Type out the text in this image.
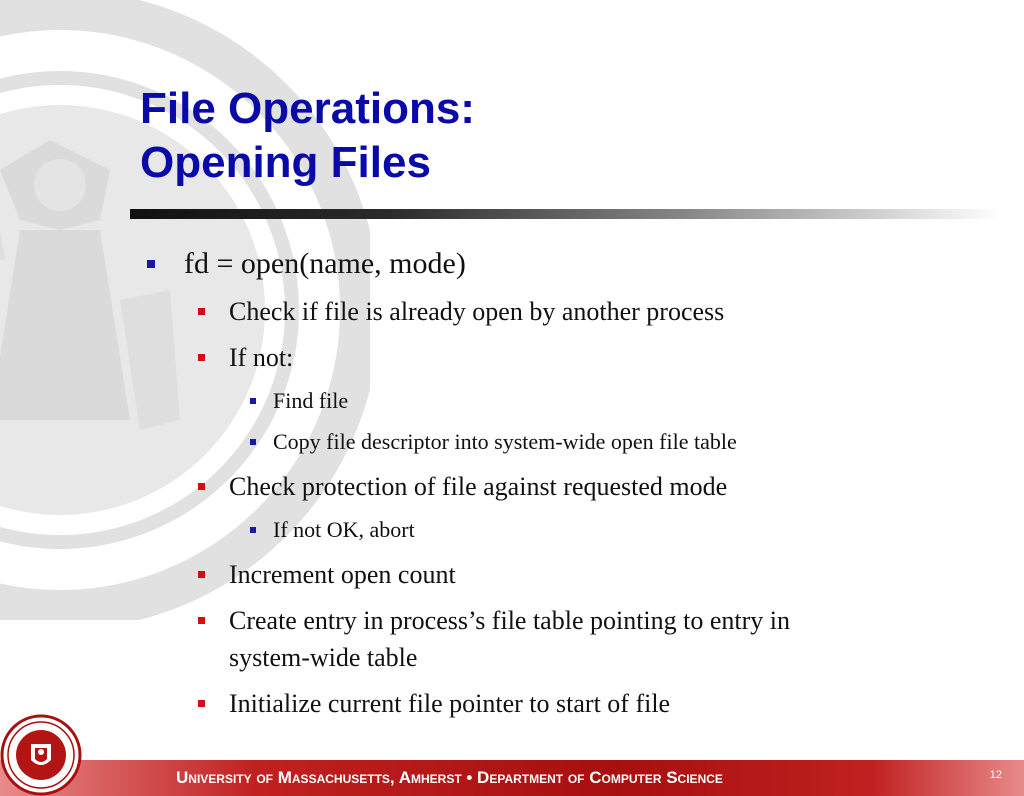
File Operations:
Opening Files
fd = open(name, mode)
Check if file is already open by another process
If not:
Find file
Copy file descriptor into system-wide open file table
Check protection of file against requested mode
If not OK, abort
Increment open count
Create entry in process’s file table pointing to entry in
system-wide table
Initialize current file pointer to start of file
University of Massachusetts, Amherst • Department of Computer Science	12
